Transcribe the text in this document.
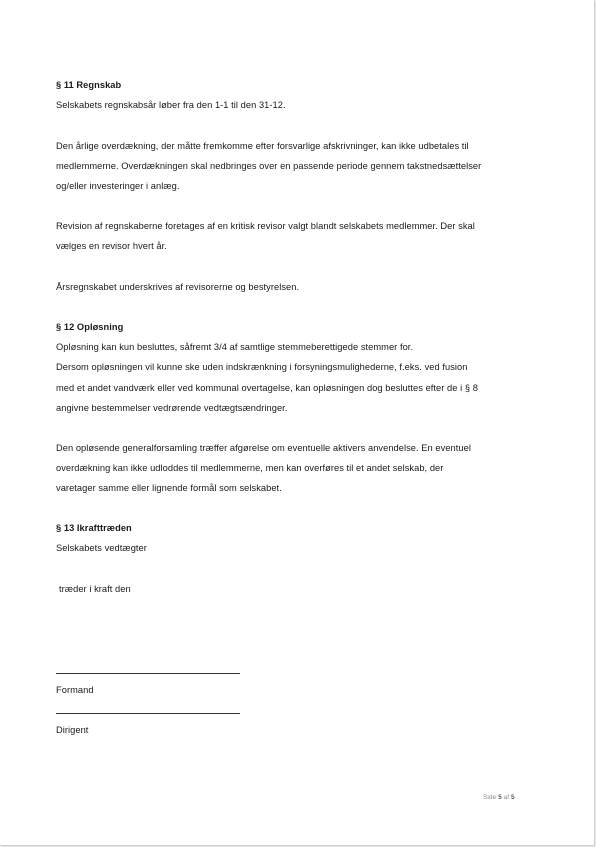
§ 11 Regnskab
Selskabets regnskabsår løber fra den 1-1 til den 31-12.
Den årlige overdækning, der måtte fremkomme efter forsvarlige afskrivninger, kan ikke udbetales til
medlemmerne. Overdækningen skal nedbringes over en passende periode gennem takstnedsættelser
og/eller investeringer i anlæg.
Revision af regnskaberne foretages af en kritisk revisor valgt blandt selskabets medlemmer. Der skal
vælges en revisor hvert år.
Årsregnskabet underskrives af revisorerne og bestyrelsen.
§ 12 Opløsning
Opløsning kan kun besluttes, såfremt 3/4 af samtlige stemmeberettigede stemmer for.
Dersom opløsningen vil kunne ske uden indskrænkning i forsyningsmulighederne, f.eks. ved fusion
med et andet vandværk eller ved kommunal overtagelse, kan opløsningen dog besluttes efter de i § 8
angivne bestemmelser vedrørende vedtægtsændringer.
Den opløsende generalforsamling træffer afgørelse om eventuelle aktivers anvendelse. En eventuel
overdækning kan ikke udloddes til medlemmerne, men kan overføres til et andet selskab, der
varetager samme eller lignende formål som selskabet.
§ 13 Ikrafttræden
Selskabets vedtægter
træder i kraft den
Formand
Dirigent
Side 5 af 5
